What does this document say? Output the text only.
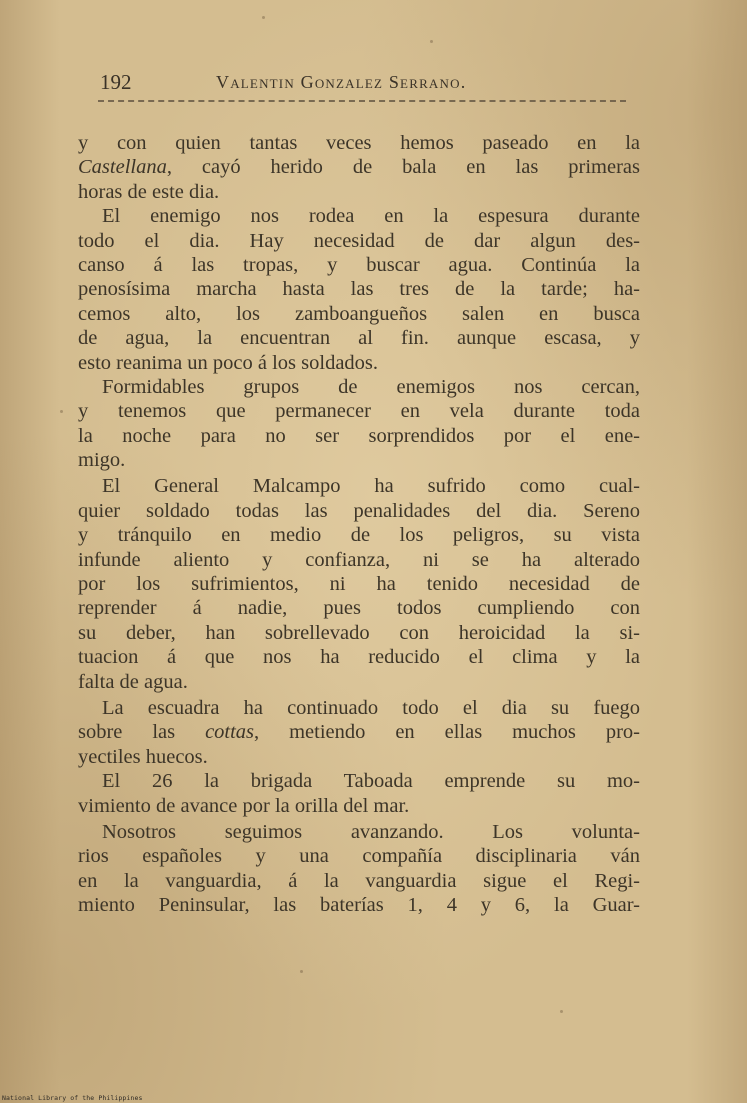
192	Valentin Gonzalez Serrano.
y con quien tantas veces hemos paseado en la
Castellana, cayó herido de bala en las primeras
horas de este dia.
El enemigo nos rodea en la espesura durante
todo el dia. Hay necesidad de dar algun des-
canso á las tropas, y buscar agua. Continúa la
penosísima marcha hasta las tres de la tarde; ha-
cemos alto, los zamboangueños salen en busca
de agua, la encuentran al fin. aunque escasa, y
esto reanima un poco á los soldados.
Formidables grupos de enemigos nos cercan,
y tenemos que permanecer en vela durante toda
la noche para no ser sorprendidos por el ene-
migo.
El General Malcampo ha sufrido como cual-
quier soldado todas las penalidades del dia. Sereno
y tránquilo en medio de los peligros, su vista
infunde aliento y confianza, ni se ha alterado
por los sufrimientos, ni ha tenido necesidad de
reprender á nadie, pues todos cumpliendo con
su deber, han sobrellevado con heroicidad la si-
tuacion á que nos ha reducido el clima y la
falta de agua.
La escuadra ha continuado todo el dia su fuego
sobre las cottas, metiendo en ellas muchos pro-
yectiles huecos.
El 26 la brigada Taboada emprende su mo-
vimiento de avance por la orilla del mar.
Nosotros seguimos avanzando. Los volunta-
rios españoles y una compañía disciplinaria ván
en la vanguardia, á la vanguardia sigue el Regi-
miento Peninsular, las baterías 1, 4 y 6, la Guar-
National Library of the Philippines
